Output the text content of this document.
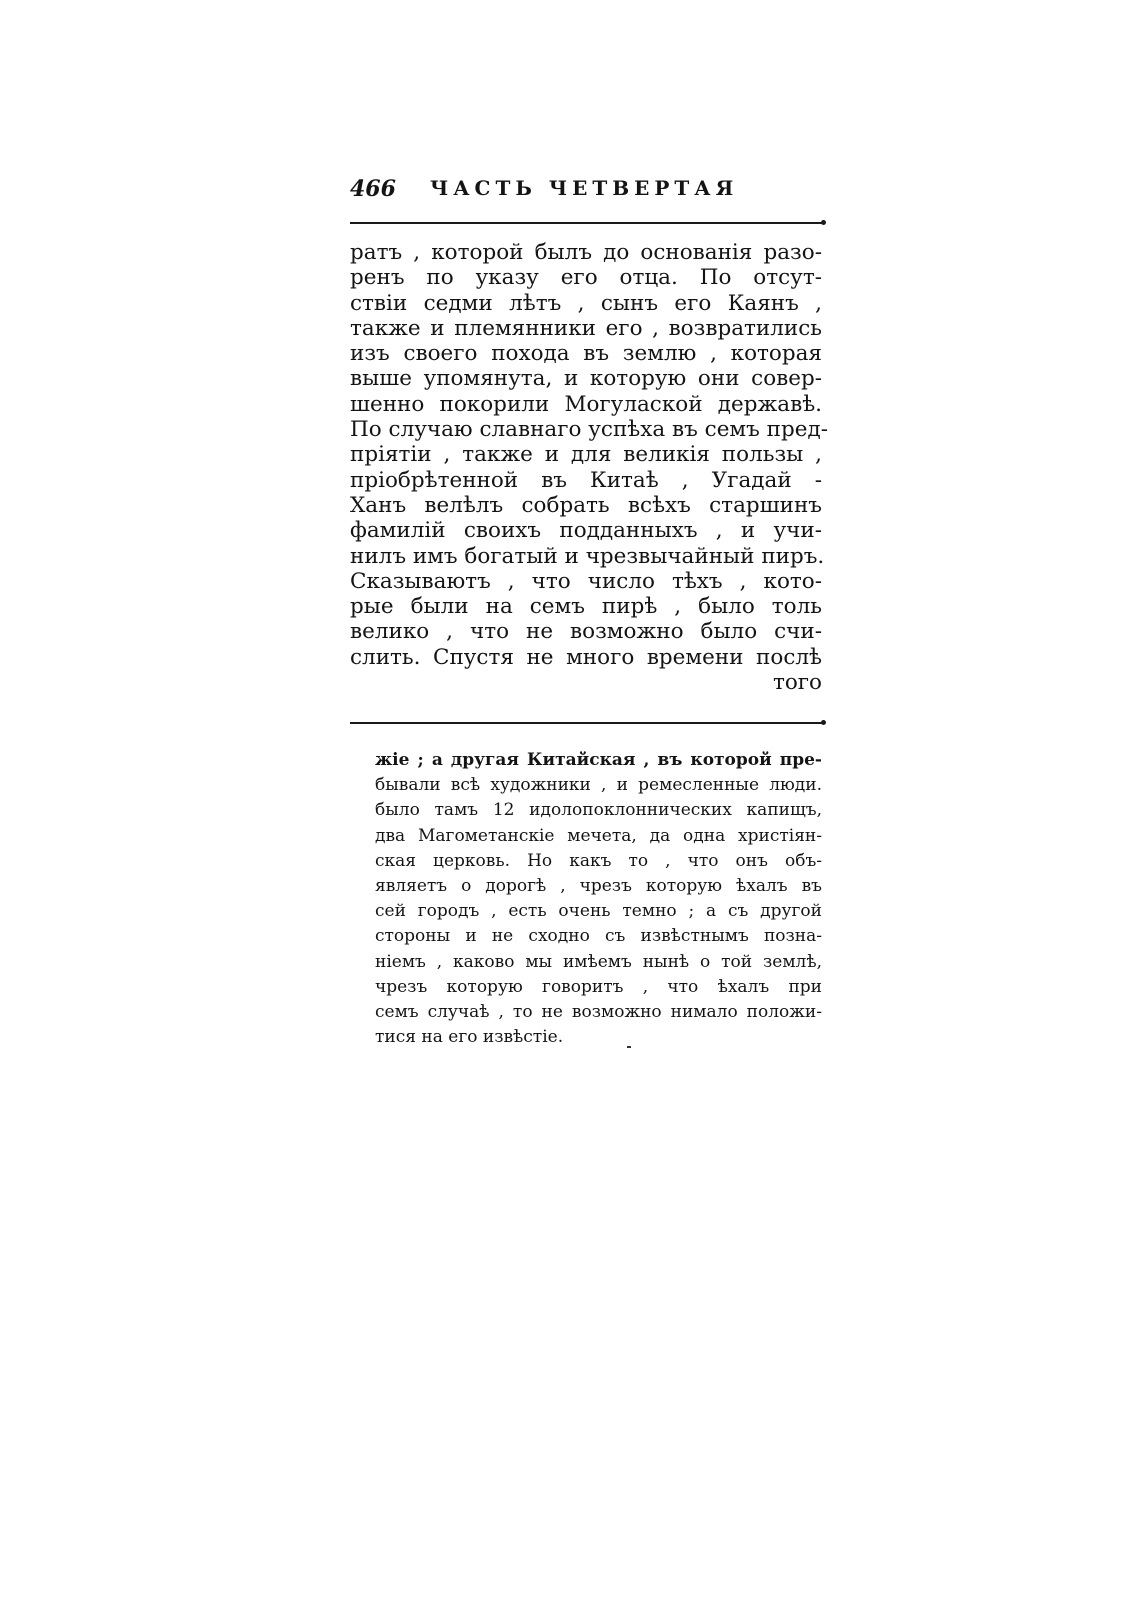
466 ЧАСТЬ ЧЕТВЕРТАЯ
ратъ , которой былъ до основанія разо-
ренъ по указу его отца. По отсут-
ствіи седми лѣтъ , сынъ его Каянъ ,
также и племянники его , возвратились
изъ своего похода въ землю , которая
выше упомянута, и которую они совер-
шенно покорили Могулаской державѣ.
По случаю славнаго успѣха въ семъ пред-
пріятіи , также и для великія пользы ,
пріобрѣтенной въ Китаѣ , Угадай -
Ханъ велѣлъ собрать всѣхъ старшинъ
фамилій своихъ подданныхъ , и учи-
нилъ имъ богатый и чрезвычайный пиръ.
Сказываютъ , что число тѣхъ , кото-
рые были на семъ пирѣ , было толь
велико , что не возможно было счи-
слить. Спустя не много времени послѣ
того
жіе ; а другая Китайская , въ которой пре-
бывали всѣ художники , и ремесленные люди.
было тамъ 12 идолопоклоннических капищъ,
два Магометанскіе мечета, да одна христіян-
ская церковь. Но какъ то , что онъ объ-
являетъ о дорогѣ , чрезъ которую ѣхалъ въ
сей городъ , есть очень темно ; а съ другой
стороны и не сходно съ извѣстнымъ позна-
ніемъ , каково мы имѣемъ нынѣ о той землѣ,
чрезъ которую говоритъ , что ѣхалъ при
семъ случаѣ , то не возможно нимало положи-
тися на его извѣстіе.
